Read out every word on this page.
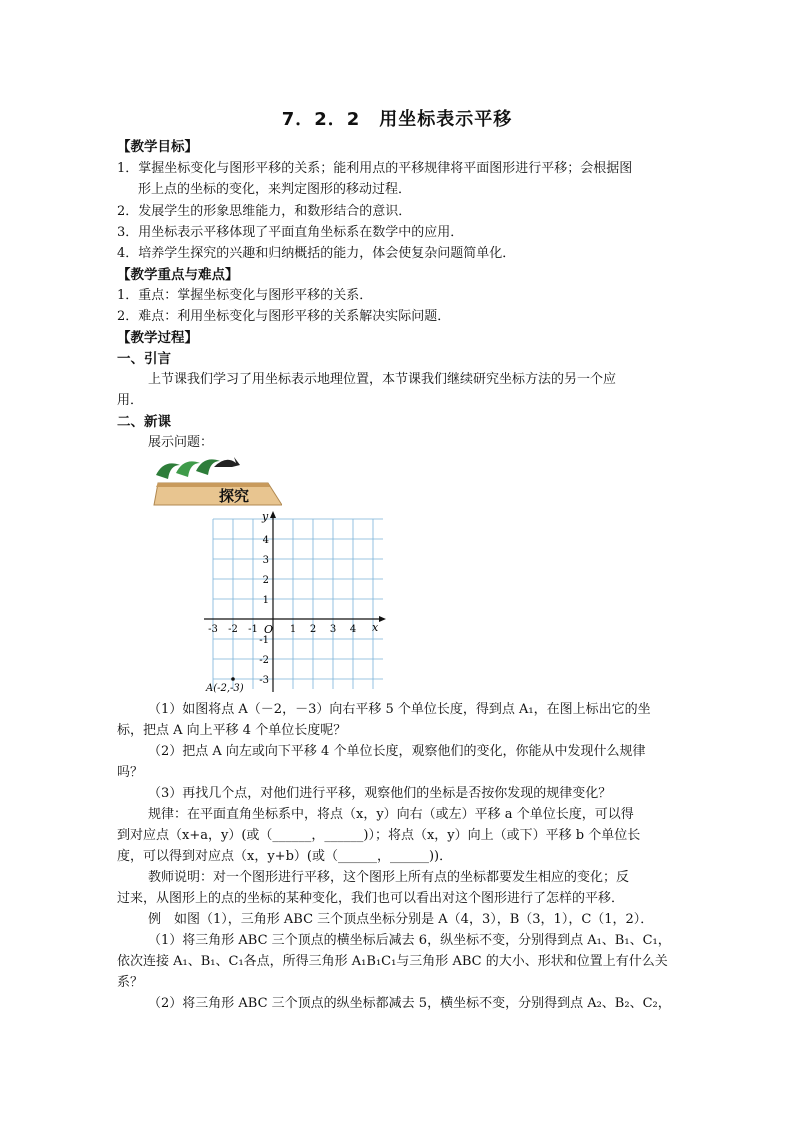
7．2．2　用坐标表示平移
【教学目标】
1．掌握坐标变化与图形平移的关系；能利用点的平移规律将平面图形进行平移；会根据图
形上点的坐标的变化，来判定图形的移动过程．
2．发展学生的形象思维能力，和数形结合的意识．
3．用坐标表示平移体现了平面直角坐标系在数学中的应用．
4．培养学生探究的兴趣和归纳概括的能力，体会使复杂问题简单化．
【教学重点与难点】
1．重点：掌握坐标变化与图形平移的关系．
2．难点：利用坐标变化与图形平移的关系解决实际问题．
【教学过程】
一、引言
上节课我们学习了用坐标表示地理位置，本节课我们继续研究坐标方法的另一个应
用．
二、新课
展示问题：
探究
-3 -2 -1	1 2 3 4
4
3
2
1
-1
-2
-3
O	x
y
A(-2,-3)
（1）如图将点 A（－2，－3）向右平移 5 个单位长度，得到点 A₁，在图上标出它的坐
标，把点 A 向上平移 4 个单位长度呢？
（2）把点 A 向左或向下平移 4 个单位长度，观察他们的变化，你能从中发现什么规律
吗？
（3）再找几个点，对他们进行平移，观察他们的坐标是否按你发现的规律变化？
规律：在平面直角坐标系中，将点（x，y）向右（或左）平移 a 个单位长度，可以得
到对应点（x+a，y）(或（______，______)）；将点（x，y）向上（或下）平移 b 个单位长
度，可以得到对应点（x，y+b）(或（______，______))．
教师说明：对一个图形进行平移，这个图形上所有点的坐标都要发生相应的变化；反
过来，从图形上的点的坐标的某种变化，我们也可以看出对这个图形进行了怎样的平移．
例　如图（1），三角形 ABC 三个顶点坐标分别是 A（4，3），B（3，1），C（1，2）．
（1）将三角形 ABC 三个顶点的横坐标后减去 6，纵坐标不变，分别得到点 A₁、B₁、C₁，
依次连接 A₁、B₁、C₁各点，所得三角形 A₁B₁C₁与三角形 ABC 的大小、形状和位置上有什么关
系？
（2）将三角形 ABC 三个顶点的纵坐标都减去 5，横坐标不变，分别得到点 A₂、B₂、C₂，
